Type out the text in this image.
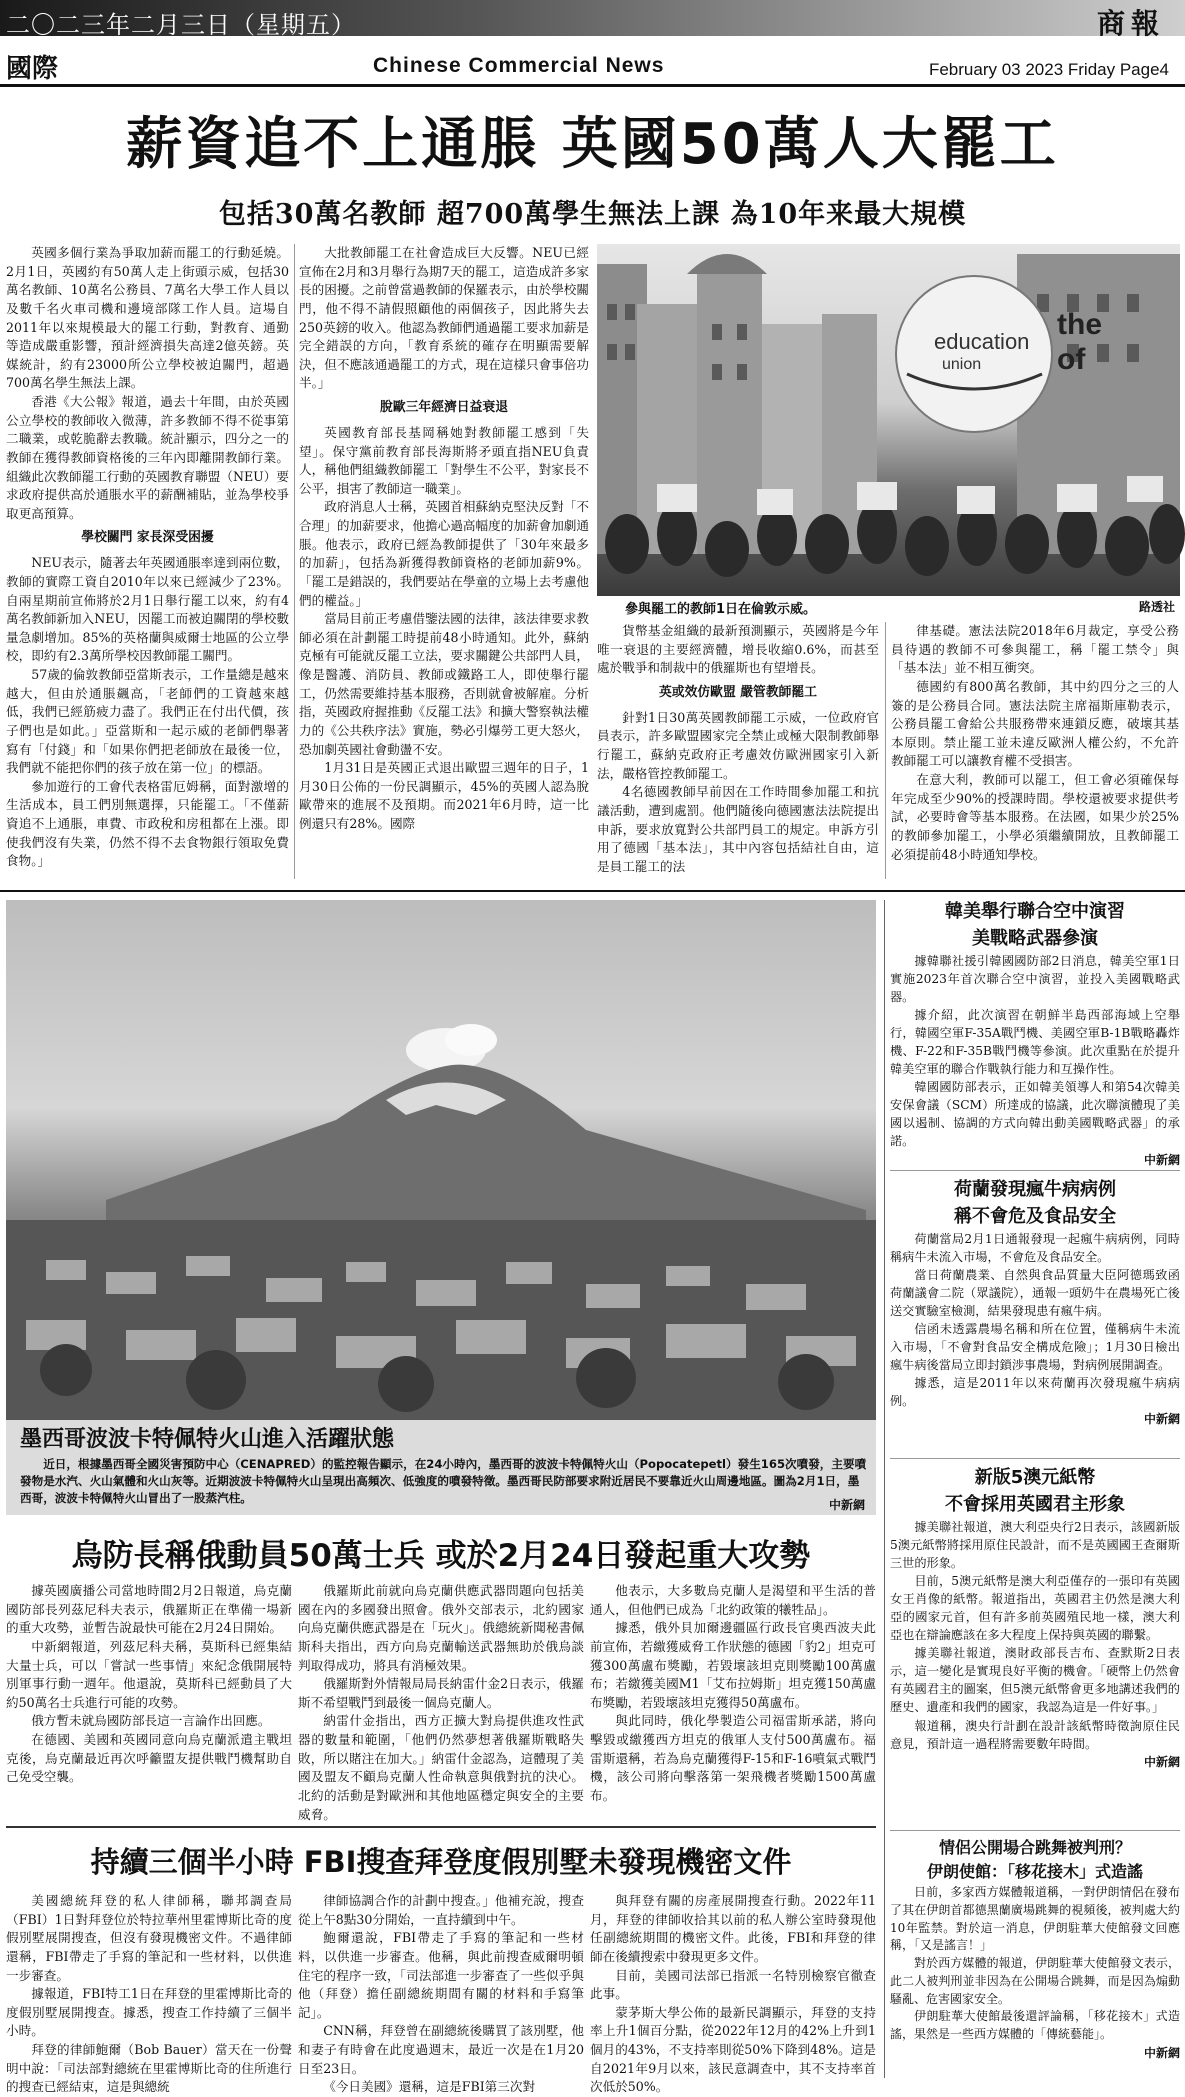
二〇二三年二月三日（星期五）	商報
國際	Chinese Commercial News	February 03 2023 Friday Page4
薪資追不上通脹 英國50萬人大罷工
包括30萬名教師 超700萬學生無法上課 為10年来最大規模

英國多個行業為爭取加薪而罷工的行動延燒。2月1日，英國約有50萬人走上街頭示威，包括30萬名教師、10萬名公務員、7萬名大學工作人員以及數千名火車司機和邊境部隊工作人員。這場自2011年以來規模最大的罷工行動，對教育、通勤等造成嚴重影響，預計經濟損失高達2億英鎊。英媒統計，約有23000所公立學校被迫關門，超過700萬名學生無法上課。

香港《大公報》報道，過去十年間，由於英國公立學校的教師收入微薄，許多教師不得不從事第二職業，或乾脆辭去教職。統計顯示，四分之一的教師在獲得教師資格後的三年內即離開教師行業。組織此次教師罷工行動的英國教育聯盟（NEU）要求政府提供高於通脹水平的薪酬補貼，並為學校爭取更高預算。

學校關門 家長深受困擾

NEU表示，隨著去年英國通脹率達到兩位數，教師的實際工資自2010年以來已經減少了23%。自兩星期前宣佈將於2月1日舉行罷工以來，約有4萬名教師新加入NEU，因罷工而被迫關閉的學校數量急劇增加。85%的英格蘭與威爾士地區的公立學校，即約有2.3萬所學校因教師罷工關門。

57歲的倫敦教師亞當斯表示，工作量總是越來越大，但由於通脹飆高，「老師們的工資越來越低，我們已經筋疲力盡了。我們正在付出代價，孩子們也是如此。」亞當斯和一起示威的老師們舉著寫有「付錢」和「如果你們把老師放在最後一位，我們就不能把你們的孩子放在第一位」的標語。

參加遊行的工會代表格雷厄姆稱，面對激增的生活成本，員工們別無選擇，只能罷工。「不僅薪資追不上通脹，車費、市政稅和房租都在上漲。即使我們沒有失業，仍然不得不去食物銀行領取免費食物。」

大批教師罷工在社會造成巨大反響。NEU已經宣佈在2月和3月舉行為期7天的罷工，這造成許多家長的困擾。之前曾當過教師的保羅表示，由於學校關門，他不得不請假照顧他的兩個孩子，因此將失去250英鎊的收入。他認為教師們通過罷工要求加薪是完全錯誤的方向，「教育系統的確存在明顯需要解決，但不應該通過罷工的方式，現在這樣只會事倍功半。」

脫歐三年經濟日益衰退

英國教育部長基岡稱她對教師罷工感到「失望」。保守黨前教育部長海斯將矛頭直指NEU負責人，稱他們組織教師罷工「對學生不公平，對家長不公平，損害了教師這一職業」。

政府消息人士稱，英國首相蘇納克堅決反對「不合理」的加薪要求，他擔心過高幅度的加薪會加劇通脹。他表示，政府已經為教師提供了「30年來最多的加薪」，包括為新獲得教師資格的老師加薪9%。「罷工是錯誤的，我們要站在學童的立場上去考慮他們的權益。」

當局目前正考慮借鑒法國的法律，該法律要求教師必須在計劃罷工時提前48小時通知。此外，蘇納克極有可能就反罷工立法，要求關鍵公共部門人員，像是醫護、消防員、教師或鐵路工人，即使舉行罷工，仍然需要維持基本服務，否則就會被解雇。分析指，英國政府握推動《反罷工法》和擴大警察執法權力的《公共秩序法》實施，勢必引爆勞工更大怒火，恐加劇英國社會動盪不安。

1月31日是英國正式退出歐盟三週年的日子，1月30日公佈的一份民調顯示，45%的英國人認為脫歐帶來的進展不及預期。而2021年6月時，這一比例還只有28%。國際

education
union
the
of
參與罷工的教師1日在倫敦示威。	路透社

貨幣基金組織的最新預測顯示，英國將是今年唯一衰退的主要經濟體，增長收縮0.6%，而甚至處於戰爭和制裁中的俄羅斯也有望增長。

英或效仿歐盟 嚴管教師罷工

針對1日30萬英國教師罷工示威，一位政府官員表示，許多歐盟國家完全禁止或極大限制教師舉行罷工，蘇納克政府正考慮效仿歐洲國家引入新法，嚴格管控教師罷工。

4名德國教師早前因在工作時間參加罷工和抗議活動，遭到處罰。他們隨後向德國憲法法院提出申訴，要求放寬對公共部門員工的規定。申訴方引用了德國「基本法」，其中內容包括結社自由，這是員工罷工的法

律基礎。憲法法院2018年6月裁定，享受公務員待遇的教師不可參與罷工，稱「罷工禁令」與「基本法」並不相互衝突。

德國約有800萬名教師，其中約四分之三的人簽的是公務員合同。憲法法院主席福斯庫勒表示，公務員罷工會給公共服務帶來連鎖反應，破壞其基本原則。禁止罷工並未違反歐洲人權公約，不允許教師罷工可以讓教育權不受損害。

在意大利，教師可以罷工，但工會必須確保每年完成至少90%的授課時間。學校還被要求提供考試，必要時會等基本服務。在法國，如果少於25%的教師參加罷工，小學必須繼續開放，且教師罷工必須提前48小時通知學校。

墨西哥波波卡特佩特火山進入活躍狀態
近日，根據墨西哥全國災害預防中心（CENAPRED）的監控報告顯示，在24小時內，墨西哥的波波卡特佩特火山（Popocatepetl）發生165次噴發，主要噴發物是水汽、火山氣體和火山灰等。近期波波卡特佩特火山呈現出高頻次、低強度的噴發特徵。墨西哥民防部要求附近居民不要靠近火山周邊地區。圖為2月1日，墨西哥，波波卡特佩特火山冒出了一股蒸汽柱。
中新網
韓美舉行聯合空中演習
美戰略武器參演

據韓聯社援引韓國國防部2日消息，韓美空軍1日實施2023年首次聯合空中演習，並投入美國戰略武器。

據介紹，此次演習在朝鮮半島西部海域上空舉行，韓國空軍F-35A戰鬥機、美國空軍B-1B戰略轟炸機、F-22和F-35B戰鬥機等參演。此次重點在於提升韓美空軍的聯合作戰執行能力和互操作性。

韓國國防部表示，正如韓美領導人和第54次韓美安保會議（SCM）所達成的協議，此次聯演體現了美國以遏制、協調的方式向韓出動美國戰略武器」的承諾。

中新網
荷蘭發現瘋牛病病例
稱不會危及食品安全

荷蘭當局2月1日通報發現一起瘋牛病病例，同時稱病牛未流入市場，不會危及食品安全。

當日荷蘭農業、自然與食品質量大臣阿德瑪致函荷蘭議會二院（眾議院），通報一頭奶牛在農場死亡後送交實驗室檢測，結果發現患有瘋牛病。

信函未透露農場名稱和所在位置，僅稱病牛未流入市場，「不會對食品安全構成危險」；1月30日檢出瘋牛病後當局立即封鎖涉事農場，對病例展開調查。

據悉，這是2011年以來荷蘭再次發現瘋牛病病例。

中新網
新版5澳元紙幣
不會採用英國君主形象

據美聯社報道，澳大利亞央行2日表示，該國新版5澳元紙幣將採用原住民設計，而不是英國國王查爾斯三世的形象。

目前，5澳元紙幣是澳大利亞僅存的一張印有英國女王肖像的紙幣。報道指出，英國君主仍然是澳大利亞的國家元首，但有許多前英國殖民地一樣，澳大利亞也在辯論應該在多大程度上保持與英國的聯繫。

據美聯社報道，澳財政部長吉布、查默斯2日表示，這一變化是實現良好平衡的機會。「硬幣上仍然會有英國君主的圖案，但5澳元紙幣會更多地講述我們的歷史、遺產和我們的國家，我認為這是一件好事。」

報道稱，澳央行計劃在設計該紙幣時徵詢原住民意見，預計這一過程將需要數年時間。

中新網
情侶公開場合跳舞被判刑？
伊朗使館：「移花接木」式造謠

日前，多家西方媒體報道稱，一對伊朗情侶在發布了其在伊朗首都德黑蘭廣場跳舞的視頻後，被判處大約10年監禁。對於這一消息，伊朗駐華大使館發文回應稱，「又是謠言！」

對於西方媒體的報道，伊朗駐華大使館發文表示，此二人被判刑並非因為在公開場合跳舞，而是因為煽動騷亂、危害國家安全。

伊朗駐華大使館最後還評論稱，「移花接木」式造謠，果然是一些西方媒體的「傳統藝能」。

中新網
烏防長稱俄動員50萬士兵 或於2月24日發起重大攻勢

據英國廣播公司當地時間2月2日報道，烏克蘭國防部長列茲尼科夫表示，俄羅斯正在準備一場新的重大攻勢，並暫告說最快可能在2月24日開始。

中新網報道，列茲尼科夫稱，莫斯科已經集結大量士兵，可以「嘗試一些事情」來紀念俄開展特別軍事行動一週年。他還說，莫斯科已經動員了大約50萬名士兵進行可能的攻勢。

俄方暫未就烏國防部長這一言論作出回應。

在德國、美國和英國同意向烏克蘭派遣主戰坦克後，烏克蘭最近再次呼籲盟友提供戰鬥機幫助自己免受空襲。

俄羅斯此前就向烏克蘭供應武器問題向包括美國在內的多國發出照會。俄外交部表示，北約國家向烏克蘭供應武器是在「玩火」。俄總統新聞秘書佩斯科夫指出，西方向烏克蘭輸送武器無助於俄烏談判取得成功，將具有消極效果。

俄羅斯對外情報局局長納雷什金2日表示，俄羅斯不希望戰鬥到最後一個烏克蘭人。

納雷什金指出，西方正擴大對烏提供進攻性武器的數量和範圍，「他們仍然夢想著俄羅斯戰略失敗，所以賭注在加大。」納雷什金認為，這體現了美國及盟友不顧烏克蘭人性命執意與俄對抗的決心。北約的活動是對歐洲和其他地區穩定與安全的主要威脅。

他表示，大多數烏克蘭人是渴望和平生活的普通人，但他們已成為「北約政策的犧牲品」。

據悉，俄外貝加爾邊疆區行政長官奧西波夫此前宣佈，若繳獲威脅工作狀態的德國「豹2」坦克可獲300萬盧布獎勵，若毀壞該坦克則獎勵100萬盧布；若繳獲美國M1「艾布拉姆斯」坦克獲150萬盧布獎勵，若毀壞該坦克獲得50萬盧布。

與此同時，俄化學製造公司福雷斯承諾，將向擊毀或繳獲西方坦克的俄軍人支付500萬盧布。福雷斯還稱，若為烏克蘭獲得F-15和F-16噴氣式戰鬥機，該公司將向擊落第一架飛機者獎勵1500萬盧布。

持續三個半小時 FBI搜查拜登度假別墅未發現機密文件

美國總統拜登的私人律師稱，聯邦調查局（FBI）1日對拜登位於特拉華州里霍博斯比奇的度假別墅展開搜查，但沒有發現機密文件。不過律師還稱，FBI帶走了手寫的筆記和一些材料，以供進一步審查。

據報道，FBI特工1日在拜登的里霍博斯比奇的度假別墅展開搜查。據悉，搜查工作持續了三個半小時。

拜登的律師鮑爾（Bob Bauer）當天在一份聲明中說：「司法部對總統在里霍博斯比奇的住所進行的搜查已經結束，這是與總統

律師協調合作的計劃中搜查。」他補充說，搜查從上午8點30分開始，一直持續到中午。

鮑爾還說，FBI帶走了手寫的筆記和一些材料，以供進一步審查。他稱，與此前搜查威爾明頓住宅的程序一致，「司法部進一步審查了一些似乎與他（拜登）擔任副總統期間有關的材料和手寫筆記」。

CNN稱，拜登曾在副總統後購買了該別墅，他和妻子有時會在此度過週末，最近一次是在1月20日至23日。

《今日美國》還稱，這是FBI第三次對

與拜登有關的房產展開搜查行動。2022年11月，拜登的律師收拾其以前的私人辦公室時發現他任副總統期間的機密文件。此後，FBI和拜登的律師在後續搜索中發現更多文件。

目前，美國司法部已指派一名特別檢察官徹查此事。

蒙茅斯大學公佈的最新民調顯示，拜登的支持率上升1個百分點，從2022年12月的42%上升到1個月的43%，不支持率則從50%下降到48%。這是自2021年9月以來，該民意調查中，其不支持率首次低於50%。
